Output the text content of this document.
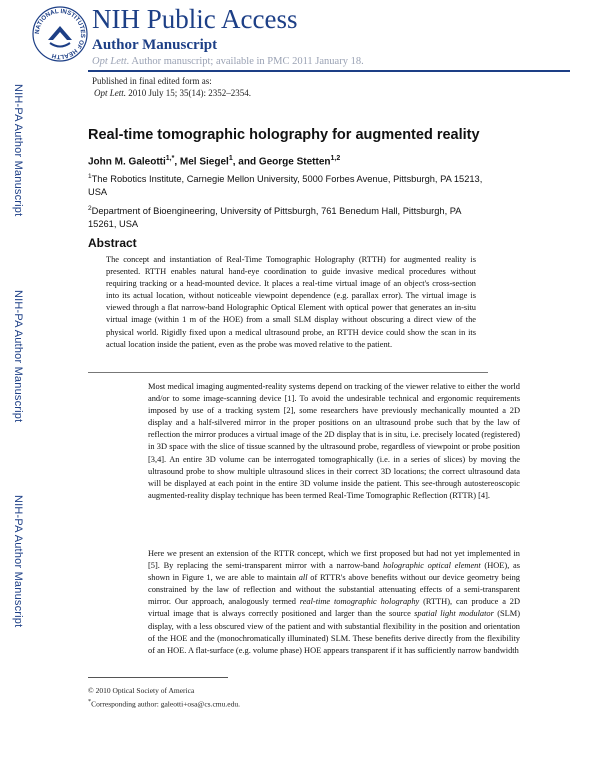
NATIONAL INSTITUTES OF HEALTH
NIH Public Access
Author Manuscript
Opt Lett. Author manuscript; available in PMC 2011 January 18.
Published in final edited form as:
Opt Lett. 2010 July 15; 35(14): 2352–2354.
NIH-PA Author Manuscript
NIH-PA Author Manuscript
NIH-PA Author Manuscript
Real-time tomographic holography for augmented reality
John M. Galeotti$^{1,*}$, Mel Siegel$^1$, and George Stetten$^{1,2}$
$^1$The Robotics Institute, Carnegie Mellon University, 5000 Forbes Avenue, Pittsburgh, PA 15213, USA
$^2$Department of Bioengineering, University of Pittsburgh, 761 Benedum Hall, Pittsburgh, PA 15261, USA
Abstract
The concept and instantiation of Real-Time Tomographic Holography (RTTH) for augmented reality is presented. RTTH enables natural hand-eye coordination to guide invasive medical procedures without requiring tracking or a head-mounted device. It places a real-time virtual image of an object's cross-section into its actual location, without noticeable viewpoint dependence (e.g. parallax error). The virtual image is viewed through a flat narrow-band Holographic Optical Element with optical power that generates an in-situ virtual image (within 1 m of the HOE) from a small SLM display without obscuring a direct view of the physical world. Rigidly fixed upon a medical ultrasound probe, an RTTH device could show the scan in its actual location inside the patient, even as the probe was moved relative to the patient.
Most medical imaging augmented-reality systems depend on tracking of the viewer relative to either the world and/or to some image-scanning device [1]. To avoid the undesirable technical and ergonomic requirements imposed by use of a tracking system [2], some researchers have previously mechanically mounted a 2D display and a half-silvered mirror in the proper positions on an ultrasound probe such that by the law of reflection the mirror produces a virtual image of the 2D display that is in situ, i.e. precisely located (registered) in 3D space with the slice of tissue scanned by the ultrasound probe, regardless of viewpoint or probe position [3,4]. An entire 3D volume can be interrogated tomographically (i.e. in a series of slices) by moving the ultrasound probe to show multiple ultrasound slices in their correct 3D locations; the correct ultrasound data will be displayed at each point in the entire 3D volume inside the patient. This see-through autostereoscopic augmented-reality display technique has been termed Real-Time Tomographic Reflection (RTTR) [4].
Here we present an extension of the RTTR concept, which we first proposed but had not yet implemented in [5]. By replacing the semi-transparent mirror with a narrow-band holographic optical element (HOE), as shown in Figure 1, we are able to maintain all of RTTR's above benefits without our device geometry being constrained by the law of reflection and without the substantial attenuating effects of a semi-transparent mirror. Our approach, analogously termed real-time tomographic holography (RTTH), can produce a 2D virtual image that is always correctly positioned and larger than the source spatial light modulator (SLM) display, with a less obscured view of the patient and with substantial flexibility in the position and orientation of the HOE and the (monochromatically illuminated) SLM. These benefits derive directly from the flexibility of an HOE. A flat-surface (e.g. volume phase) HOE appears transparent if it has sufficiently narrow bandwidth
© 2010 Optical Society of America
*Corresponding author: galeotti+osa@cs.cmu.edu.
